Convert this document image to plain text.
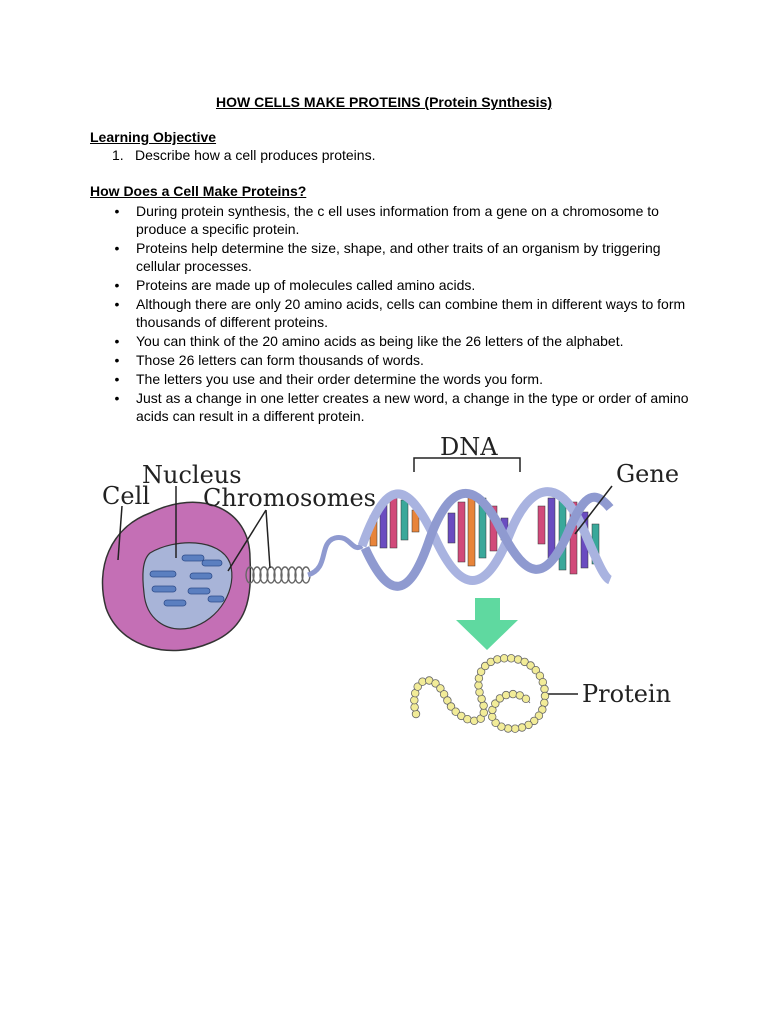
HOW CELLS MAKE PROTEINS (Protein Synthesis)
Learning Objective
1. Describe how a cell produces proteins.
How Does a Cell Make Proteins?
•	During protein synthesis, the c ell uses information from a gene on a chromosome to produce a specific protein.
•	Proteins help determine the size, shape, and other traits of an organism by triggering cellular processes.
•	Proteins are made up of molecules called amino acids.
•	Although there are only 20 amino acids, cells can combine them in different ways to form thousands of different proteins.
•	You can think of the 20 amino acids as being like the 26 letters of the alphabet.
•	Those 26 letters can form thousands of words.
•	The letters you use and their order determine the words you form.
•	Just as a change in one letter creates a new word, a change in the type or order of amino acids can result in a different protein.
Cell
Nucleus
Chromosomes
DNA
Gene
Protein
